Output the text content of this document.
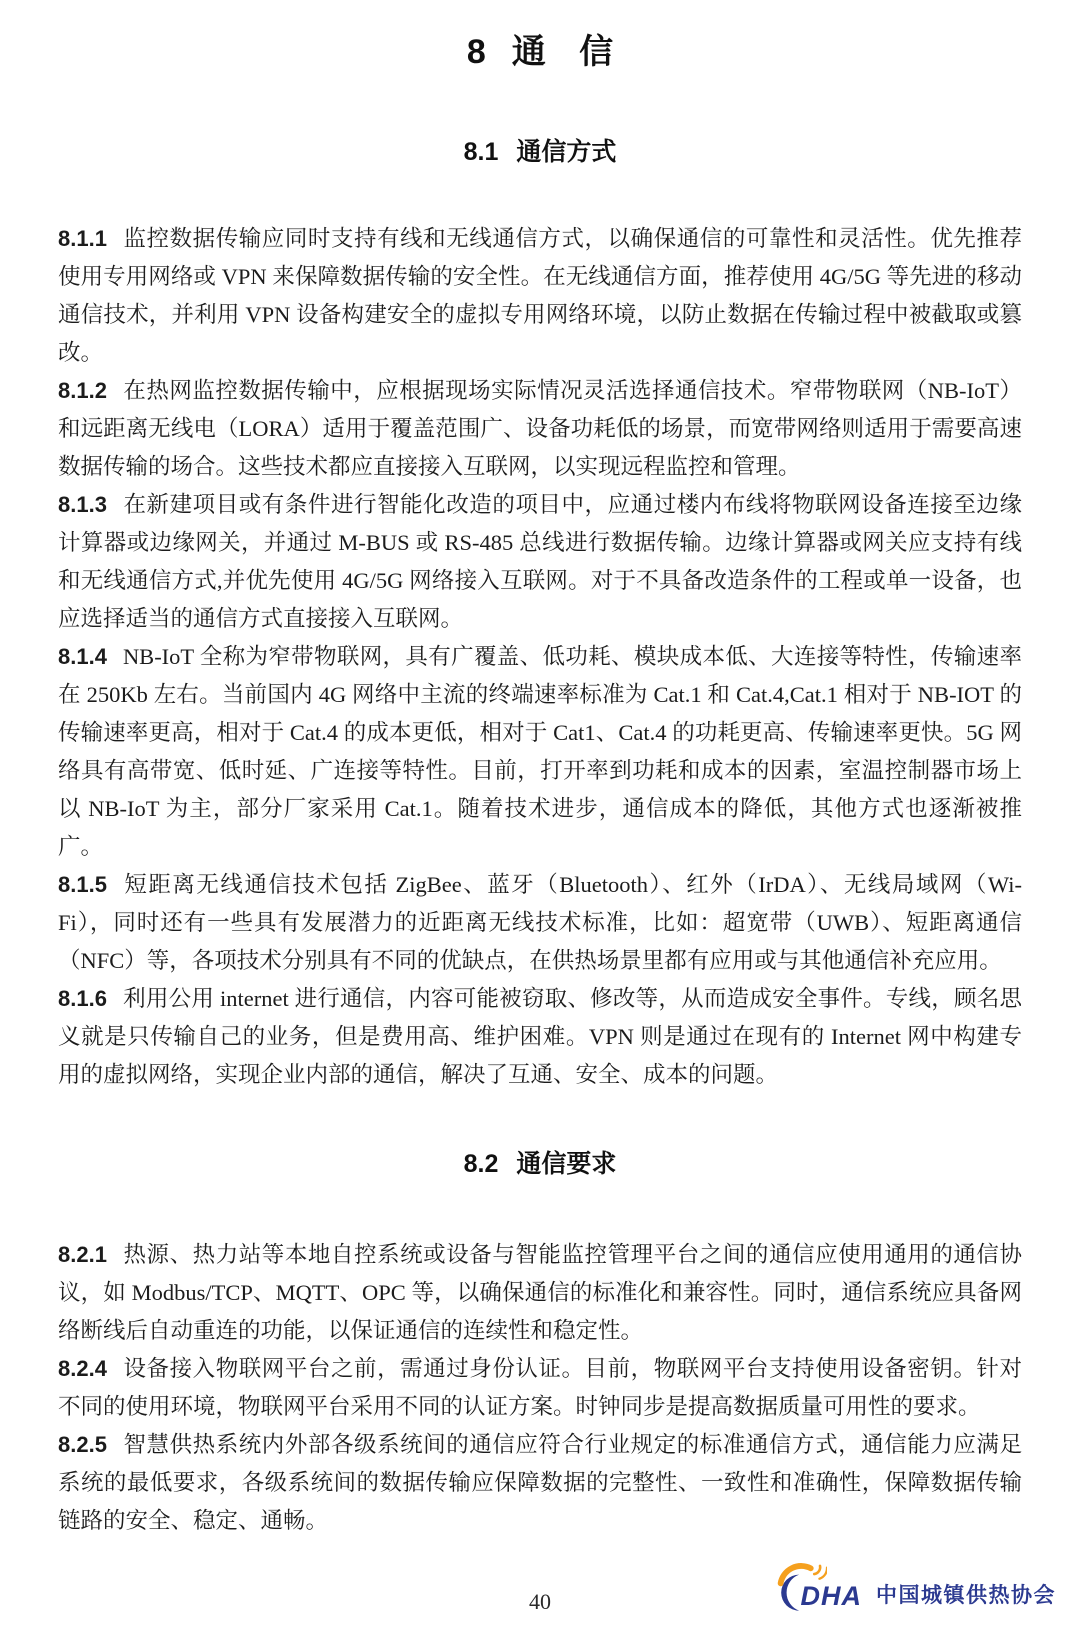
8 通 信
8.1 通信方式

8.1.1 监控数据传输应同时支持有线和无线通信方式，以确保通信的可靠性和灵活性。优先推荐使用专用网络或 VPN 来保障数据传输的安全性。在无线通信方面，推荐使用 4G/5G 等先进的移动通信技术，并利用 VPN 设备构建安全的虚拟专用网络环境，以防止数据在传输过程中被截取或篡改。

8.1.2 在热网监控数据传输中，应根据现场实际情况灵活选择通信技术。窄带物联网（NB-IoT）和远距离无线电（LORA）适用于覆盖范围广、设备功耗低的场景，而宽带网络则适用于需要高速数据传输的场合。这些技术都应直接接入互联网，以实现远程监控和管理。

8.1.3 在新建项目或有条件进行智能化改造的项目中，应通过楼内布线将物联网设备连接至边缘计算器或边缘网关，并通过 M-BUS 或 RS-485 总线进行数据传输。边缘计算器或网关应支持有线和无线通信方式,并优先使用 4G/5G 网络接入互联网。对于不具备改造条件的工程或单一设备，也应选择适当的通信方式直接接入互联网。

8.1.4 NB-IoT 全称为窄带物联网，具有广覆盖、低功耗、模块成本低、大连接等特性，传输速率在 250Kb 左右。当前国内 4G 网络中主流的终端速率标准为 Cat.1 和 Cat.4,Cat.1 相对于 NB-IOT 的传输速率更高，相对于 Cat.4 的成本更低，相对于 Cat1、Cat.4 的功耗更高、传输速率更快。5G 网络具有高带宽、低时延、广连接等特性。目前，打开率到功耗和成本的因素，室温控制器市场上以 NB-IoT 为主，部分厂家采用 Cat.1。随着技术进步，通信成本的降低，其他方式也逐渐被推广。

8.1.5 短距离无线通信技术包括 ZigBee、蓝牙（Bluetooth）、红外（IrDA）、无线局域网（Wi-Fi），同时还有一些具有发展潜力的近距离无线技术标准，比如：超宽带（UWB）、短距离通信（NFC）等，各项技术分别具有不同的优缺点，在供热场景里都有应用或与其他通信补充应用。

8.1.6 利用公用 internet 进行通信，内容可能被窃取、修改等，从而造成安全事件。专线，顾名思义就是只传输自己的业务，但是费用高、维护困难。VPN 则是通过在现有的 Internet 网中构建专用的虚拟网络，实现企业内部的通信，解决了互通、安全、成本的问题。

8.2 通信要求

8.2.1 热源、热力站等本地自控系统或设备与智能监控管理平台之间的通信应使用通用的通信协议，如 Modbus/TCP、MQTT、OPC 等，以确保通信的标准化和兼容性。同时，通信系统应具备网络断线后自动重连的功能，以保证通信的连续性和稳定性。

8.2.4 设备接入物联网平台之前，需通过身份认证。目前，物联网平台支持使用设备密钥。针对不同的使用环境，物联网平台采用不同的认证方案。时钟同步是提高数据质量可用性的要求。

8.2.5 智慧供热系统内外部各级系统间的通信应符合行业规定的标准通信方式，通信能力应满足系统的最低要求，各级系统间的数据传输应保障数据的完整性、一致性和准确性，保障数据传输链路的安全、稳定、通畅。

40	DHA 中国城镇供热协会
